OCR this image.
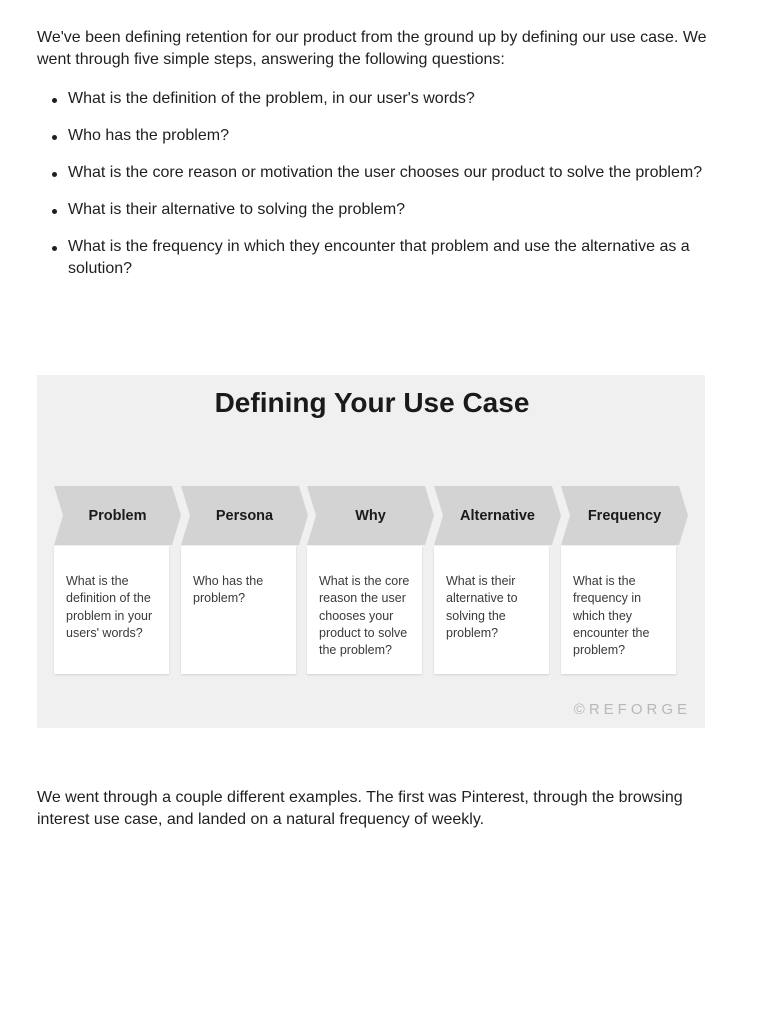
We've been defining retention for our product from the ground up by defining our use case. We went through five simple steps, answering the following questions:

What is the definition of the problem, in our user's words?
Who has the problem?
What is the core reason or motivation the user chooses our product to solve the problem?
What is their alternative to solving the problem?
What is the frequency in which they encounter that problem and use the alternative as a solution?
Defining Your Use Case
Problem
What is the definition of the problem in your users' words?
Persona
Who has the problem?
Why
What is the core reason the user chooses your product to solve the problem?
Alternative
What is their alternative to solving the problem?
Frequency
What is the frequency in which they encounter the problem?
©REFORGE

We went through a couple different examples. The first was Pinterest, through the browsing interest use case, and landed on a natural frequency of weekly.
